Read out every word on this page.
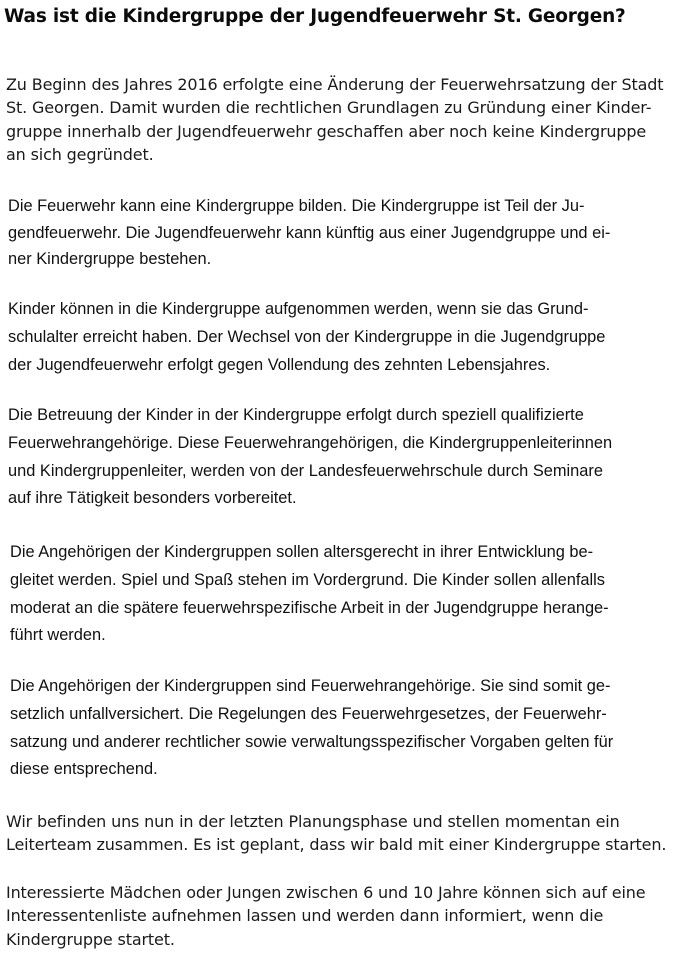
Was ist die Kindergruppe der Jugendfeuerwehr St. Georgen?

Zu Beginn des Jahres 2016 erfolgte eine Änderung der Feuerwehrsatzung der Stadt
St. Georgen. Damit wurden die rechtlichen Grundlagen zu Gründung einer Kinder-
gruppe innerhalb der Jugendfeuerwehr geschaffen aber noch keine Kindergruppe
an sich gegründet.

Die Feuerwehr kann eine Kindergruppe bilden. Die Kindergruppe ist Teil der Ju-
gendfeuerwehr. Die Jugendfeuerwehr kann künftig aus einer Jugendgruppe und ei-
ner Kindergruppe bestehen.

Kinder können in die Kindergruppe aufgenommen werden, wenn sie das Grund-
schulalter erreicht haben. Der Wechsel von der Kindergruppe in die Jugendgruppe
der Jugendfeuerwehr erfolgt gegen Vollendung des zehnten Lebensjahres.

Die Betreuung der Kinder in der Kindergruppe erfolgt durch speziell qualifizierte
Feuerwehrangehörige. Diese Feuerwehrangehörigen, die Kindergruppenleiterinnen
und Kindergruppenleiter, werden von der Landesfeuerwehrschule durch Seminare
auf ihre Tätigkeit besonders vorbereitet.

Die Angehörigen der Kindergruppen sollen altersgerecht in ihrer Entwicklung be-
gleitet werden. Spiel und Spaß stehen im Vordergrund. Die Kinder sollen allenfalls
moderat an die spätere feuerwehrspezifische Arbeit in der Jugendgruppe herange-
führt werden.

Die Angehörigen der Kindergruppen sind Feuerwehrangehörige. Sie sind somit ge-
setzlich unfallversichert. Die Regelungen des Feuerwehrgesetzes, der Feuerwehr-
satzung und anderer rechtlicher sowie verwaltungsspezifischer Vorgaben gelten für
diese entsprechend.

Wir befinden uns nun in der letzten Planungsphase und stellen momentan ein
Leiterteam zusammen. Es ist geplant, dass wir bald mit einer Kindergruppe starten.

Interessierte Mädchen oder Jungen zwischen 6 und 10 Jahre können sich auf eine
Interessentenliste aufnehmen lassen und werden dann informiert, wenn die
Kindergruppe startet.
